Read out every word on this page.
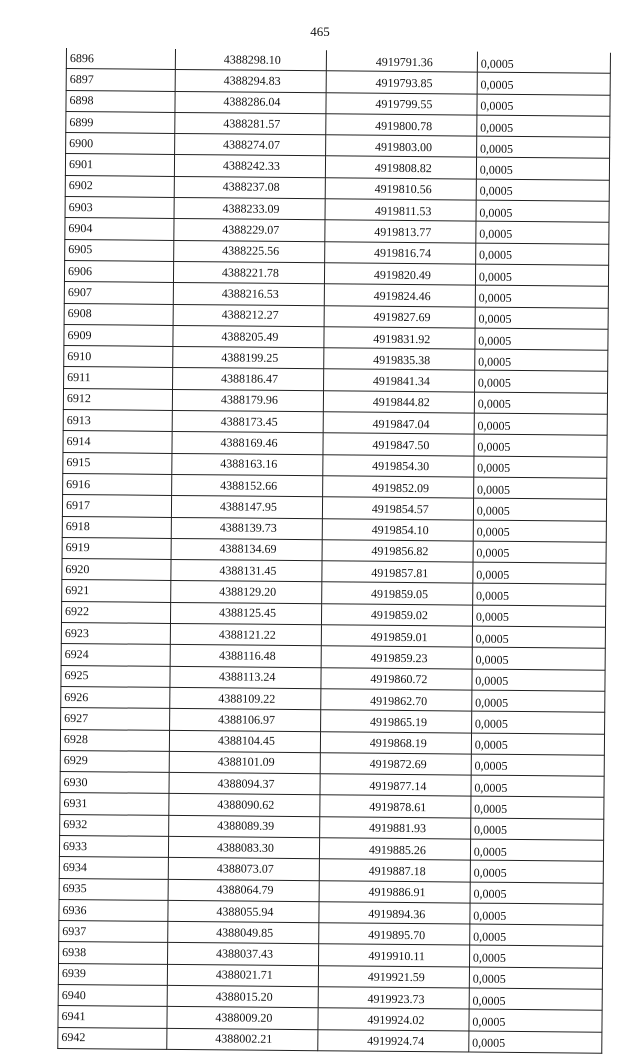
465
6896	4388298.10	4919791.36	0,0005
6897	4388294.83	4919793.85	0,0005
6898	4388286.04	4919799.55	0,0005
6899	4388281.57	4919800.78	0,0005
6900	4388274.07	4919803.00	0,0005
6901	4388242.33	4919808.82	0,0005
6902	4388237.08	4919810.56	0,0005
6903	4388233.09	4919811.53	0,0005
6904	4388229.07	4919813.77	0,0005
6905	4388225.56	4919816.74	0,0005
6906	4388221.78	4919820.49	0,0005
6907	4388216.53	4919824.46	0,0005
6908	4388212.27	4919827.69	0,0005
6909	4388205.49	4919831.92	0,0005
6910	4388199.25	4919835.38	0,0005
6911	4388186.47	4919841.34	0,0005
6912	4388179.96	4919844.82	0,0005
6913	4388173.45	4919847.04	0,0005
6914	4388169.46	4919847.50	0,0005
6915	4388163.16	4919854.30	0,0005
6916	4388152.66	4919852.09	0,0005
6917	4388147.95	4919854.57	0,0005
6918	4388139.73	4919854.10	0,0005
6919	4388134.69	4919856.82	0,0005
6920	4388131.45	4919857.81	0,0005
6921	4388129.20	4919859.05	0,0005
6922	4388125.45	4919859.02	0,0005
6923	4388121.22	4919859.01	0,0005
6924	4388116.48	4919859.23	0,0005
6925	4388113.24	4919860.72	0,0005
6926	4388109.22	4919862.70	0,0005
6927	4388106.97	4919865.19	0,0005
6928	4388104.45	4919868.19	0,0005
6929	4388101.09	4919872.69	0,0005
6930	4388094.37	4919877.14	0,0005
6931	4388090.62	4919878.61	0,0005
6932	4388089.39	4919881.93	0,0005
6933	4388083.30	4919885.26	0,0005
6934	4388073.07	4919887.18	0,0005
6935	4388064.79	4919886.91	0,0005
6936	4388055.94	4919894.36	0,0005
6937	4388049.85	4919895.70	0,0005
6938	4388037.43	4919910.11	0,0005
6939	4388021.71	4919921.59	0,0005
6940	4388015.20	4919923.73	0,0005
6941	4388009.20	4919924.02	0,0005
6942	4388002.21	4919924.74	0,0005
